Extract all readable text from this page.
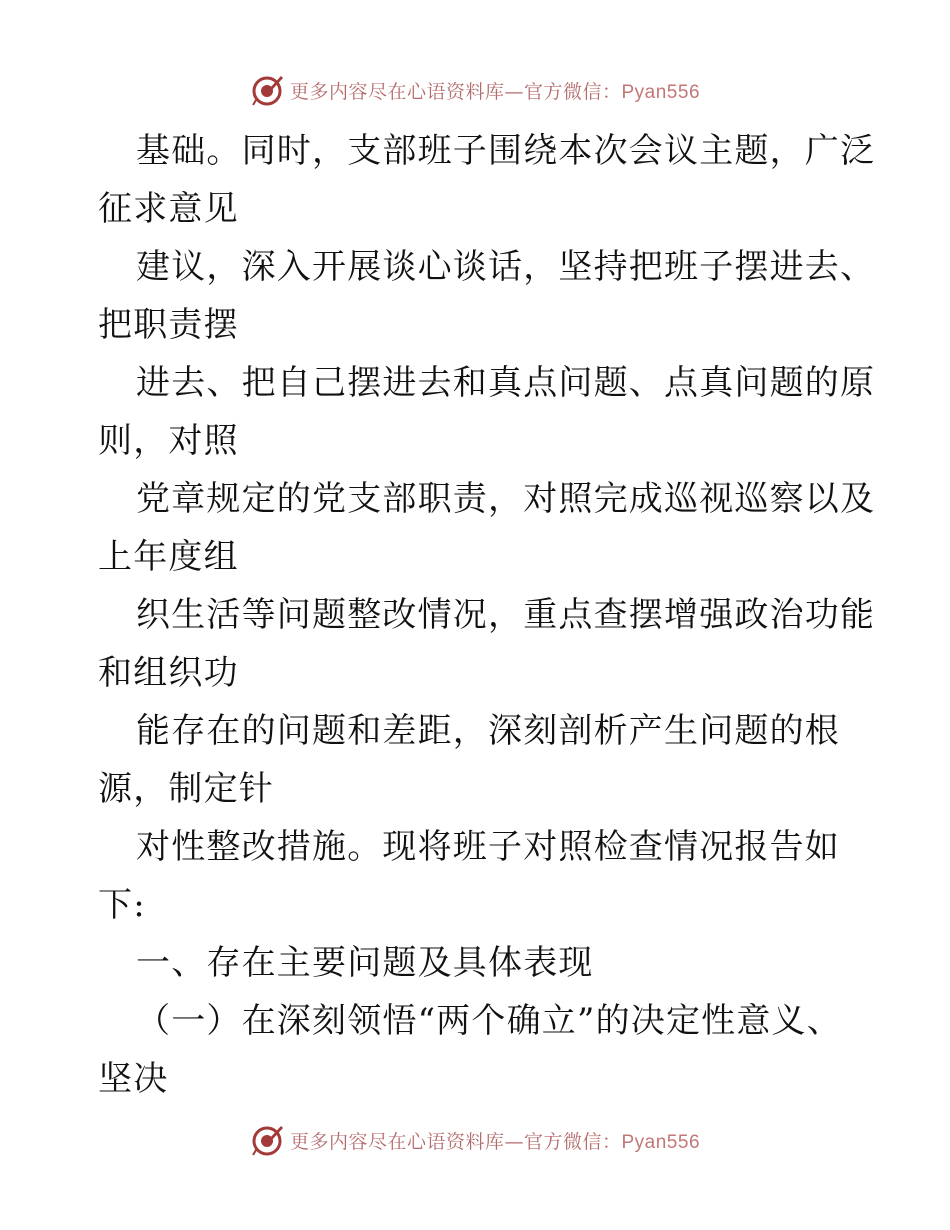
更多内容尽在心语资料库—官方微信：Pyan556
基础。同时，支部班子围绕本次会议主题，广泛
征求意见
建议，深入开展谈心谈话，坚持把班子摆进去、
把职责摆
进去、把自己摆进去和真点问题、点真问题的原
则，对照
党章规定的党支部职责，对照完成巡视巡察以及
上年度组
织生活等问题整改情况，重点查摆增强政治功能
和组织功
能存在的问题和差距，深刻剖析产生问题的根
源，制定针
对性整改措施。现将班子对照检查情况报告如
下:
一、存在主要问题及具体表现
（一）在深刻领悟“两个确立”的决定性意义、
坚决
更多内容尽在心语资料库—官方微信：Pyan556
